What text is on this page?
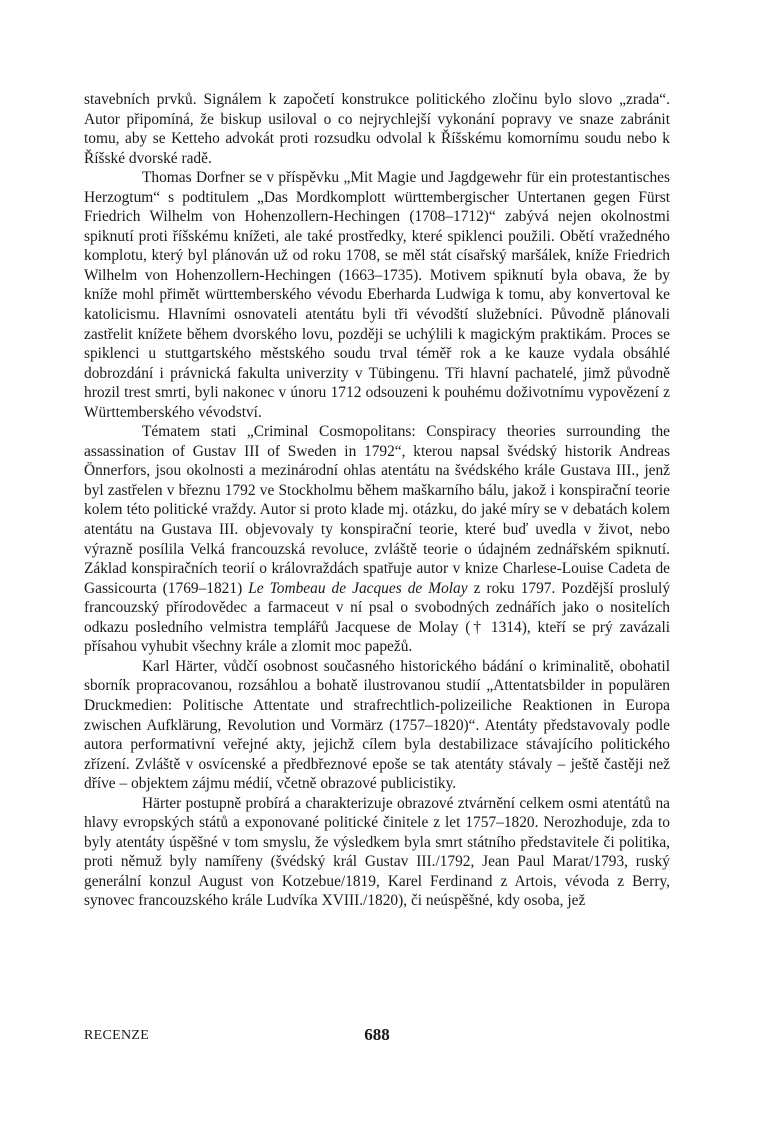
stavebních prvků. Signálem k započetí konstrukce politického zločinu bylo slovo „zrada“. Autor připomíná, že biskup usiloval o co nejrychlejší vykonání popravy ve snaze zabránit tomu, aby se Ketteho advokát proti rozsudku odvolal k Říšskému komornímu soudu nebo k Říšské dvorské radě.

Thomas Dorfner se v příspěvku „Mit Magie und Jagdgewehr für ein protestantisches Herzogtum“ s podtitulem „Das Mordkomplott württembergischer Untertanen gegen Fürst Friedrich Wilhelm von Hohenzollern-Hechingen (1708–1712)“ zabývá nejen okolnostmi spiknutí proti říšskému knížeti, ale také prostředky, které spiklenci použili. Obětí vražedného komplotu, který byl plánován už od roku 1708, se měl stát císařský maršálek, kníže Friedrich Wilhelm von Hohenzollern-Hechingen (1663–1735). Motivem spiknutí byla obava, že by kníže mohl přimět württemberského vévodu Eberharda Ludwiga k tomu, aby konvertoval ke katolicismu. Hlavními osnovateli atentátu byli tři vévodští služebníci. Původně plánovali zastřelit knížete během dvorského lovu, později se uchýlili k magickým praktikám. Proces se spiklenci u stuttgartského městského soudu trval téměř rok a ke kauze vydala obsáhlé dobrozdání i právnická fakulta univerzity v Tübingenu. Tři hlavní pachatelé, jimž původně hrozil trest smrti, byli nakonec v únoru 1712 odsouzeni k pouhému doživotnímu vypovězení z Württemberského vévodství.

Tématem stati „Criminal Cosmopolitans: Conspiracy theories surrounding the assassination of Gustav III of Sweden in 1792“, kterou napsal švédský historik Andreas Önnerfors, jsou okolnosti a mezinárodní ohlas atentátu na švédského krále Gustava III., jenž byl zastřelen v březnu 1792 ve Stockholmu během maškarního bálu, jakož i konspirační teorie kolem této politické vraždy. Autor si proto klade mj. otázku, do jaké míry se v debatách kolem atentátu na Gustava III. objevovaly ty konspirační teorie, které buď uvedla v život, nebo výrazně posílila Velká francouzská revoluce, zvláště teorie o údajném zednářském spiknutí. Základ konspiračních teorií o královraždách spatřuje autor v knize Charlese-Louise Cadeta de Gassicourta (1769–1821) Le Tombeau de Jacques de Molay z roku 1797. Pozdější proslulý francouzský přírodovědec a farmaceut v ní psal o svobodných zednářích jako o nositelích odkazu posledního velmistra templářů Jacquese de Molay († 1314), kteří se prý zavázali přísahou vyhubit všechny krále a zlomit moc papežů.

Karl Härter, vůdčí osobnost současného historického bádání o kriminalitě, obohatil sborník propracovanou, rozsáhlou a bohatě ilustrovanou studií „Attentatsbilder in populären Druckmedien: Politische Attentate und strafrechtlich-polizeiliche Reaktionen in Europa zwischen Aufklärung, Revolution und Vormärz (1757–1820)“. Atentáty představovaly podle autora performativní veřejné akty, jejichž cílem byla destabilizace stávajícího politického zřízení. Zvláště v osvícenské a předbřeznové epoše se tak atentáty stávaly – ještě častěji než dříve – objektem zájmu médií, včetně obrazové publicistiky.

Härter postupně probírá a charakterizuje obrazové ztvárnění celkem osmi atentátů na hlavy evropských států a exponované politické činitele z let 1757–1820. Nerozhoduje, zda to byly atentáty úspěšné v tom smyslu, že výsledkem byla smrt státního představitele či politika, proti němuž byly namířeny (švédský král Gustav III./1792, Jean Paul Marat/1793, ruský generální konzul August von Kotzebue/1819, Karel Ferdinand z Artois, vévoda z Berry, synovec francouzského krále Ludvíka XVIII./1820), či neúspěšné, kdy osoba, jež

RECENZE	688
